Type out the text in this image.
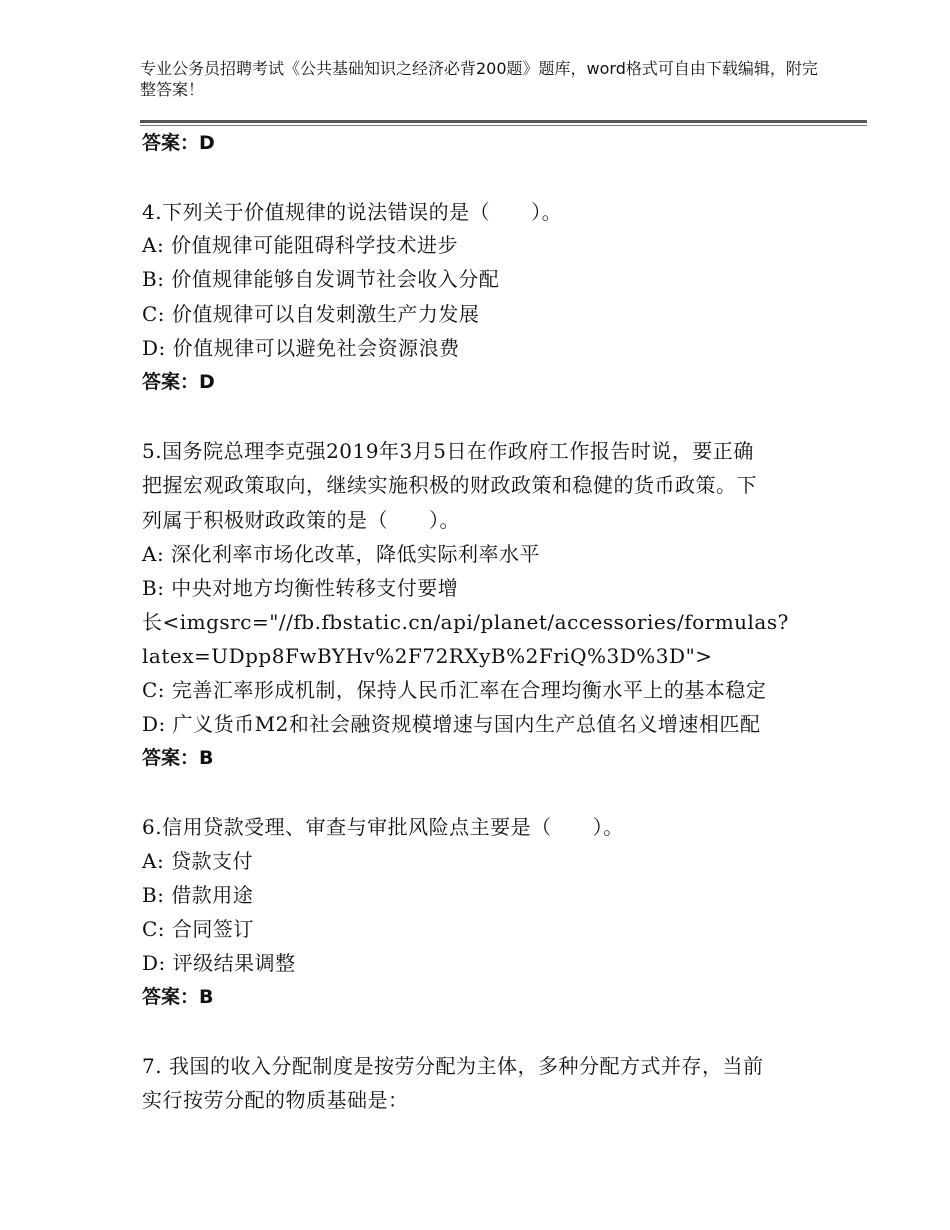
专业公务员招聘考试《公共基础知识之经济必背200题》题库，word格式可自由下载编辑，附完整答案！
答案：D
4.下列关于价值规律的说法错误的是（　　）。
A: 价值规律可能阻碍科学技术进步
B: 价值规律能够自发调节社会收入分配
C: 价值规律可以自发刺激生产力发展
D: 价值规律可以避免社会资源浪费
答案：D
5.国务院总理李克强2019年3月5日在作政府工作报告时说，要正确
把握宏观政策取向，继续实施积极的财政政策和稳健的货币政策。下
列属于积极财政政策的是（　　）。
A: 深化利率市场化改革，降低实际利率水平
B: 中央对地方均衡性转移支付要增
长<imgsrc="//fb.fbstatic.cn/api/planet/accessories/formulas?
latex=UDpp8FwBYHv%2F72RXyB%2FriQ%3D%3D">
C: 完善汇率形成机制，保持人民币汇率在合理均衡水平上的基本稳定
D: 广义货币M2和社会融资规模增速与国内生产总值名义增速相匹配
答案：B
6.信用贷款受理、审查与审批风险点主要是（　　）。
A: 贷款支付
B: 借款用途
C: 合同签订
D: 评级结果调整
答案：B
7. 我国的收入分配制度是按劳分配为主体，多种分配方式并存，当前
实行按劳分配的物质基础是：
